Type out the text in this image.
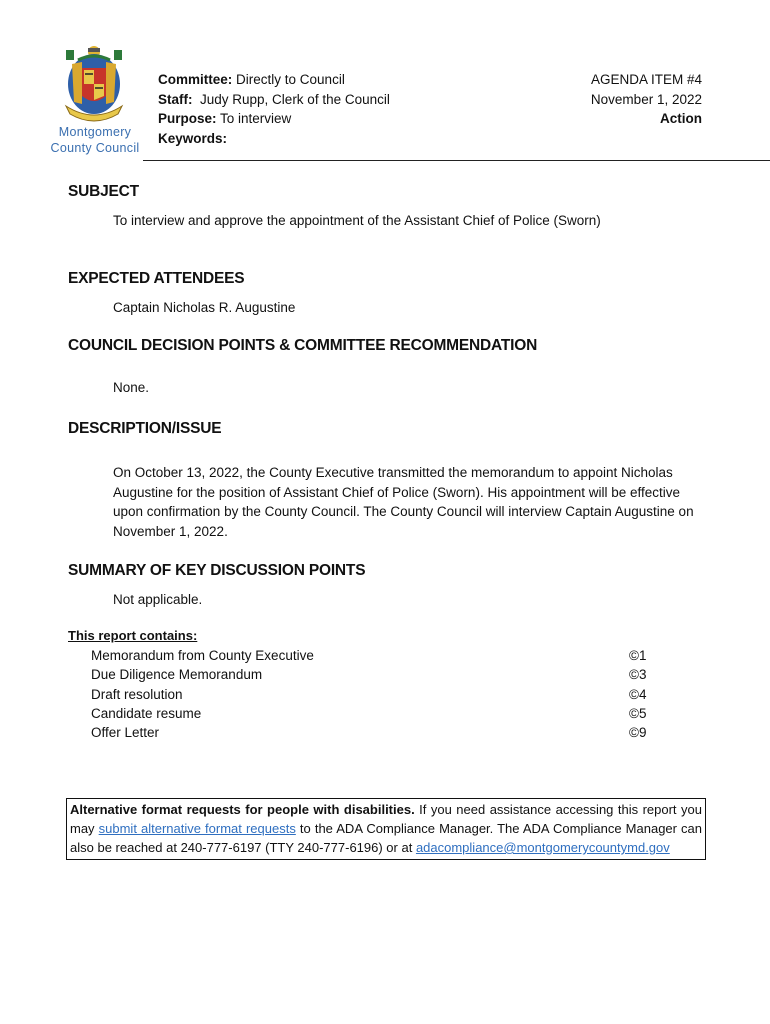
Montgomery
County Council
Committee: Directly to Council
Staff: Judy Rupp, Clerk of the Council
Purpose: To interview
Keywords:
AGENDA ITEM #4
November 1, 2022
Action
SUBJECT
To interview and approve the appointment of the Assistant Chief of Police (Sworn)
EXPECTED ATTENDEES
Captain Nicholas R. Augustine
COUNCIL DECISION POINTS & COMMITTEE RECOMMENDATION
None.
DESCRIPTION/ISSUE
On October 13, 2022, the County Executive transmitted the memorandum to appoint Nicholas Augustine for the position of Assistant Chief of Police (Sworn). His appointment will be effective upon confirmation by the County Council. The County Council will interview Captain Augustine on November 1, 2022.
SUMMARY OF KEY DISCUSSION POINTS
Not applicable.
This report contains:
Memorandum from County Executive	©1
Due Diligence Memorandum	©3
Draft resolution	©4
Candidate resume	©5
Offer Letter	©9
Alternative format requests for people with disabilities. If you need assistance accessing this report you may submit alternative format requests to the ADA Compliance Manager. The ADA Compliance Manager can also be reached at 240-777-6197 (TTY 240-777-6196) or at adacompliance@montgomerycountymd.gov
